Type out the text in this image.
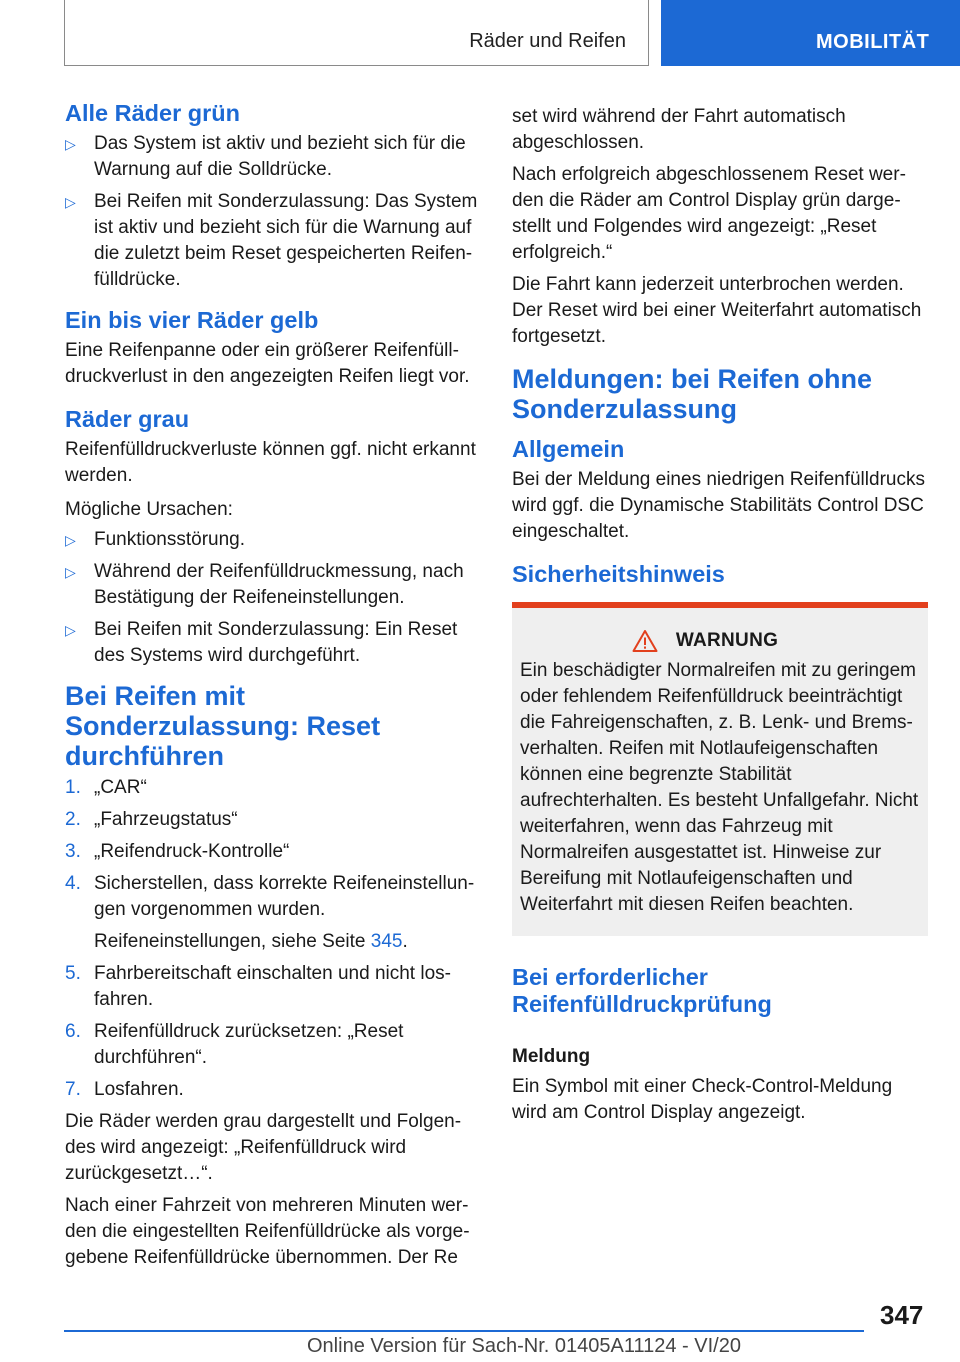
Räder und Reifen	MOBILITÄT
Alle Räder grün
▷ Das System ist aktiv und bezieht sich für die Warnung auf die Solldrücke.
▷ Bei Reifen mit Sonderzulassung: Das System ist aktiv und bezieht sich für die Warnung auf die zuletzt beim Reset gespeicherten Reifenfülldrücke.
Ein bis vier Räder gelb

Eine Reifenpanne oder ein größerer Reifenfülldruckverlust in den angezeigten Reifen liegt vor.

Räder grau

Reifenfülldruckverluste können ggf. nicht erkannt werden.

Mögliche Ursachen:

▷ Funktionsstörung.
▷ Während der Reifenfülldruckmessung, nach Bestätigung der Reifeneinstellungen.
▷ Bei Reifen mit Sonderzulassung: Ein Reset des Systems wird durchgeführt.
Bei Reifen mit Sonderzulassung: Reset durchführen
1. „CAR“
2. „Fahrzeugstatus“
3. „Reifendruck-Kontrolle“
4. Sicherstellen, dass korrekte Reifeneinstellungen vorgenommen wurden.
Reifeneinstellungen, siehe Seite 345.
5. Fahrbereitschaft einschalten und nicht losfahren.
6. Reifenfülldruck zurücksetzen: „Reset durchführen“.
7. Losfahren.

Die Räder werden grau dargestellt und Folgendes wird angezeigt: „Reifenfülldruck wird zurückgesetzt…“.

Nach einer Fahrzeit von mehreren Minuten werden die eingestellten Reifenfülldrücke als vorgegebene Reifenfülldrücke übernommen. Der Re

set wird während der Fahrt automatisch abgeschlossen.

Nach erfolgreich abgeschlossenem Reset werden die Räder am Control Display grün dargestellt und Folgendes wird angezeigt: „Reset erfolgreich.“

Die Fahrt kann jederzeit unterbrochen werden. Der Reset wird bei einer Weiterfahrt automatisch fortgesetzt.

Meldungen: bei Reifen ohne Sonderzulassung
Allgemein

Bei der Meldung eines niedrigen Reifenfülldrucks wird ggf. die Dynamische Stabilitäts Control DSC eingeschaltet.

Sicherheitshinweis
WARNUNG

Ein beschädigter Normalreifen mit zu geringem oder fehlendem Reifenfülldruck beeinträchtigt die Fahreigenschaften, z. B. Lenk- und Bremsverhalten. Reifen mit Notlaufeigenschaften können eine begrenzte Stabilität aufrechterhalten. Es besteht Unfallgefahr. Nicht weiterfahren, wenn das Fahrzeug mit Normalreifen ausgestattet ist. Hinweise zur Bereifung mit Notlaufeigenschaften und Weiterfahrt mit diesen Reifen beachten.

Bei erforderlicher Reifenfülldruckprüfung
Meldung

Ein Symbol mit einer Check-Control-Meldung wird am Control Display angezeigt.

347
Online Version für Sach-Nr. 01405A11124 - VI/20
